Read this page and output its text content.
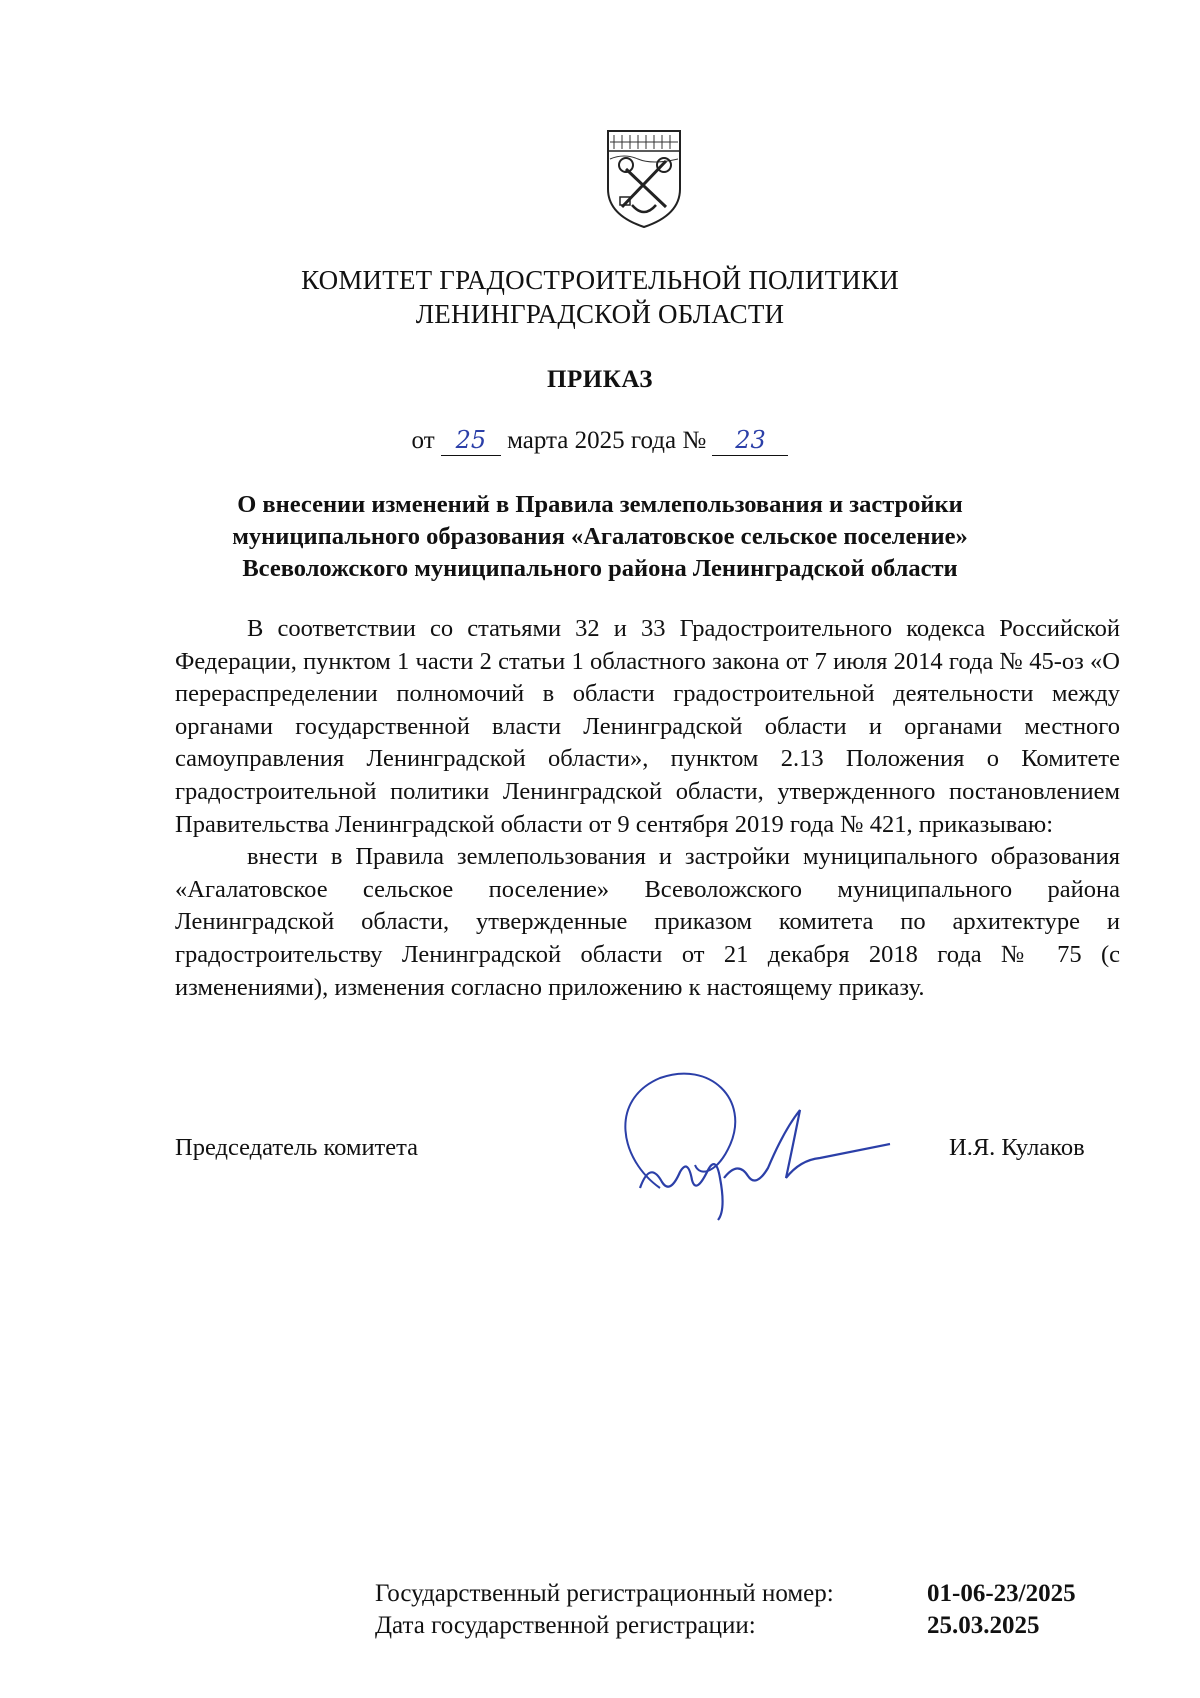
КОМИТЕТ ГРАДОСТРОИТЕЛЬНОЙ ПОЛИТИКИ
ЛЕНИНГРАДСКОЙ ОБЛАСТИ
ПРИКАЗ
от 25 марта 2025 года № 23
О внесении изменений в Правила землепользования и застройки
муниципального образования «Агалатовское сельское поселение»
Всеволожского муниципального района Ленинградской области

В соответствии со статьями 32 и 33 Градостроительного кодекса Российской Федерации, пунктом 1 части 2 статьи 1 областного закона от 7 июля 2014 года № 45-оз «О перераспределении полномочий в области градостроительной деятельности между органами государственной власти Ленинградской области и органами местного самоуправления Ленинградской области», пунктом 2.13 Положения о Комитете градостроительной политики Ленинградской области, утвержденного постановлением Правительства Ленинградской области от 9 сентября 2019 года № 421, приказываю:

внести в Правила землепользования и застройки муниципального образования «Агалатовское сельское поселение» Всеволожского муниципального района Ленинградской области, утвержденные приказом комитета по архитектуре и градостроительству Ленинградской области от 21 декабря 2018 года № 75 (с изменениями), изменения согласно приложению к настоящему приказу.

Председатель комитета	И.Я. Кулаков
Государственный регистрационный номер:	01-06-23/2025
Дата государственной регистрации:	25.03.2025
